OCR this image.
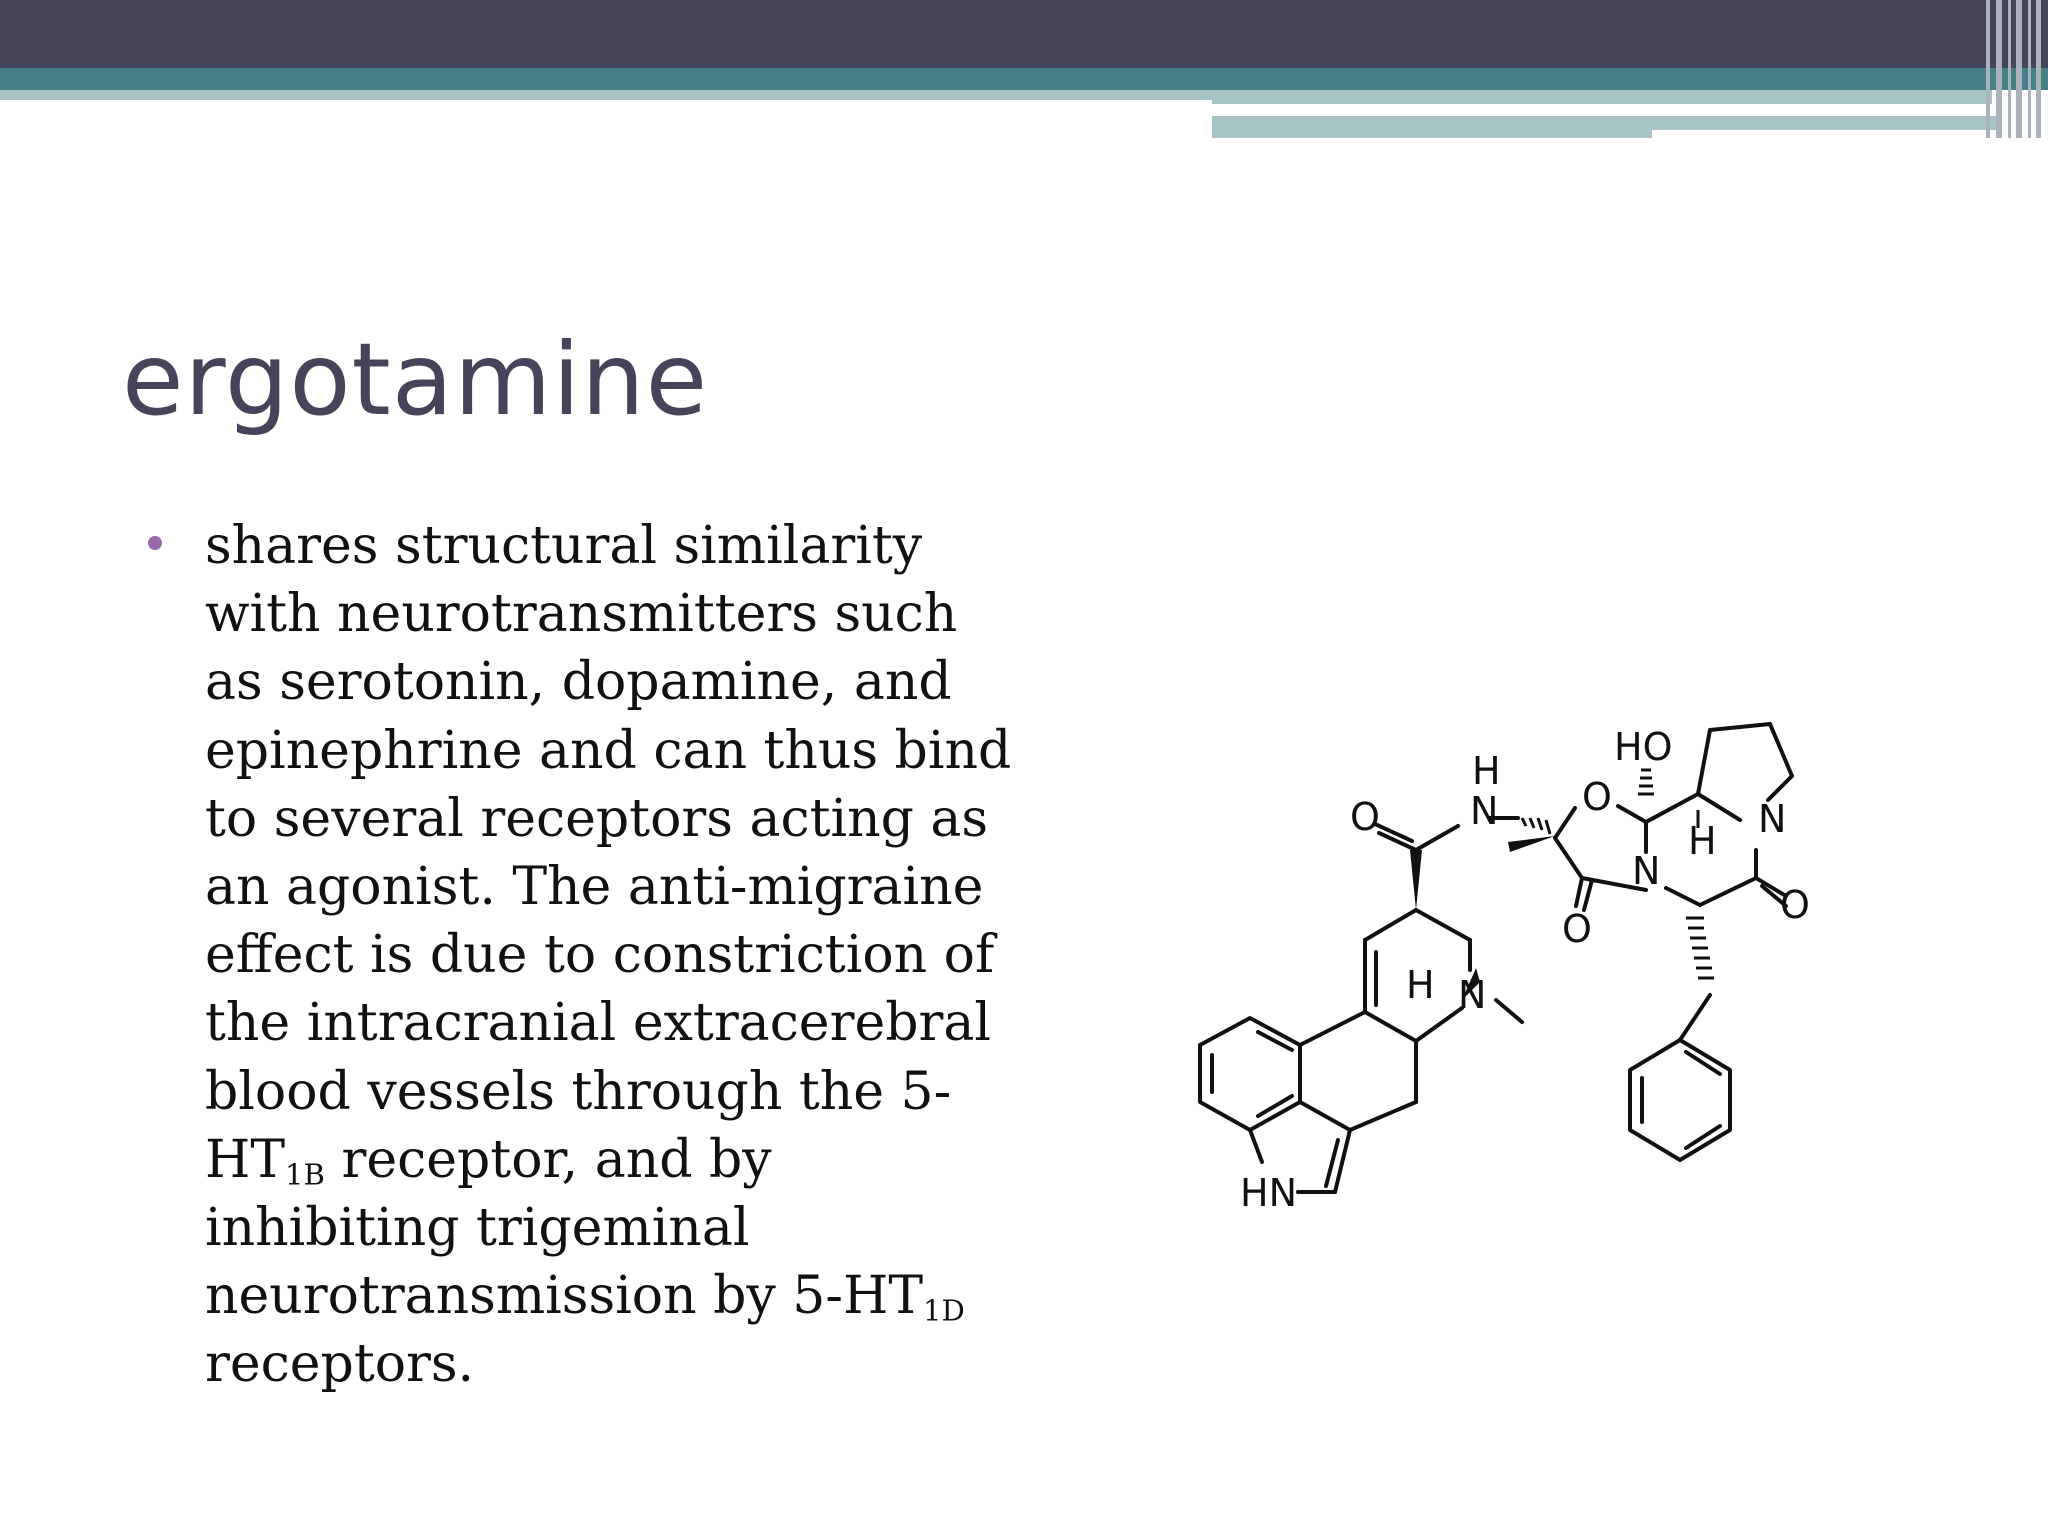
ergotamine

shares structural similarity
with neurotransmitters such
as serotonin, dopamine, and
epinephrine and can thus bind
to several receptors acting as
an agonist. The anti-migraine
effect is due to constriction of
the intracranial extracerebral
blood vessels through the 5-
$HT_{1B}$ receptor, and by
inhibiting trigeminal
neurotransmission by $5-HT_{1D}$
receptors.

O
H
N O
HO
N
H
N
O
O
H N
HN
